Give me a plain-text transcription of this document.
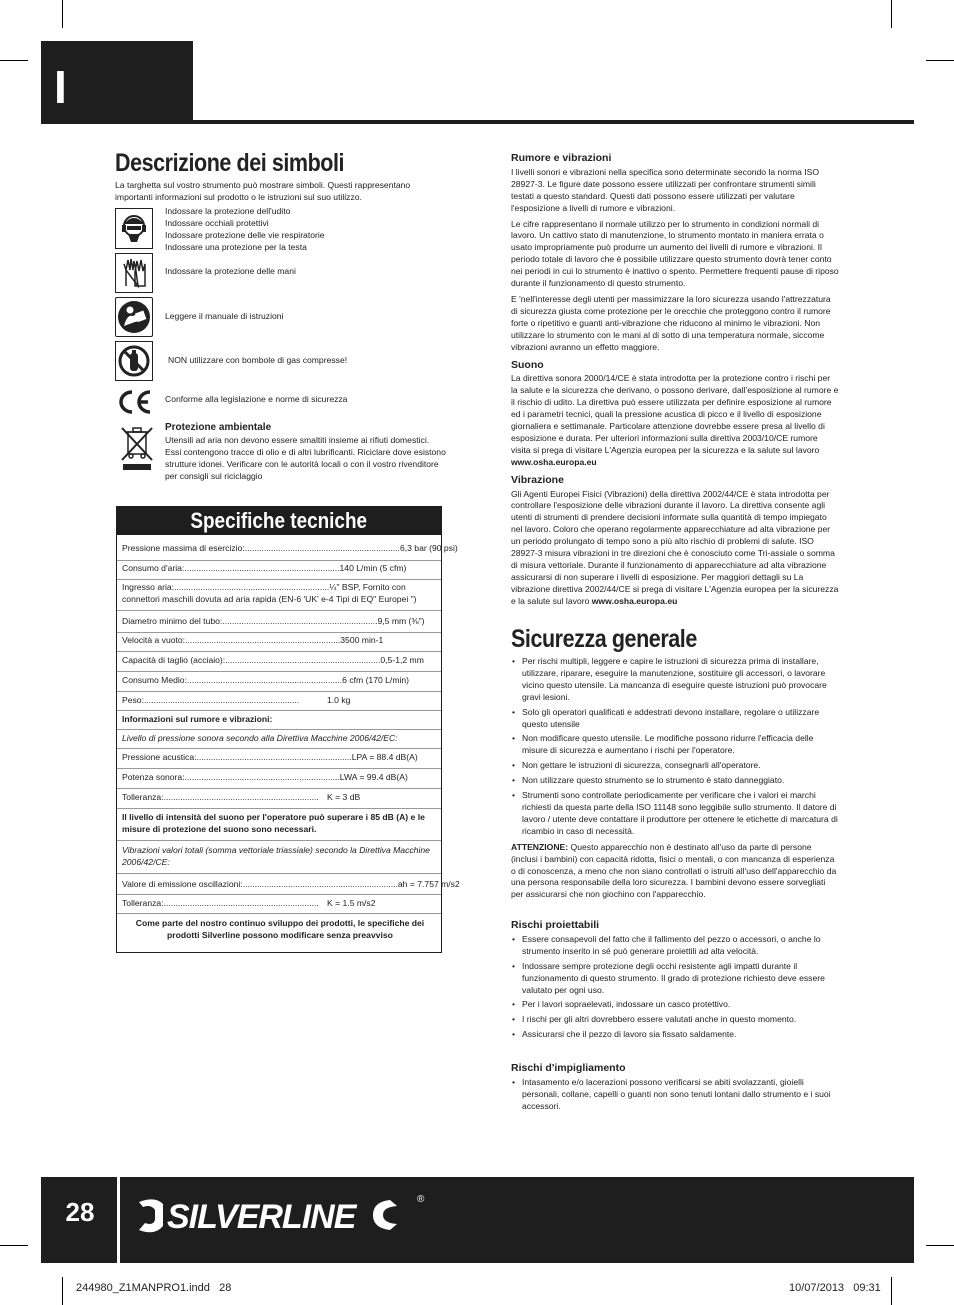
I
Descrizione dei simboli
La targhetta sul vostro strumento può mostrare simboli. Questi rappresentano importanti informazioni sul prodotto o le istruzioni sul suo utilizzo.
Indossare la protezione dell'udito
Indossare occhiali protettivi
Indossare protezione delle vie respiratorie
Indossare una protezione per la testa
Indossare la protezione delle mani
Leggere il manuale di istruzioni
NON utilizzare con bombole di gas compresse!
Conforme alla legislazione e norme di sicurezza
Protezione ambientale
Utensili ad aria non devono essere smaltiti insieme ai rifiuti domestici. Essi contengono tracce di olio e di altri lubrificanti. Riciclare dove esistono strutture idonei. Verificare con le autorità locali o con il vostro rivenditore per consigli sul riciclaggio
Specifiche tecniche
Pressione massima di esercizio:................................................................. 6,3 bar (90 psi)
Consumo d'aria:................................................................. 140 L/min (5 cfm)
Ingresso aria:................................................................. ¼" BSP, Fornito con
connettori maschili dovuta ad aria rapida (EN-6 'UK' e-4 Tipi di EQ" Europei ")
Diametro minimo del tubo:................................................................. 9,5 mm (⅜")
Velocità a vuoto:................................................................. 3500 min-1
Capacità di taglio (acciaio):................................................................. 0,5-1,2 mm
Consumo Medio:................................................................. 6 cfm (170 L/min)
Peso:.................................................................	1.0 kg
Informazioni sul rumore e vibrazioni:
Livello di pressione sonora secondo alla Direttiva Macchine 2006/42/EC:
Pressione acustica:................................................................. LPA = 88.4 dB(A)
Potenza sonora:................................................................. LWA = 99.4 dB(A)
Tolleranza:................................................................. K = 3 dB
Il livello di intensità del suono per l'operatore può superare i 85 dB (A) e le misure di protezione del suono sono necessari.
Vibrazioni valori totali (somma vettoriale triassiale) secondo la Direttiva Macchine 2006/42/CE:
Valore di emissione oscillazioni:................................................................. ah = 7.757 m/s2
Tolleranza:................................................................. K = 1.5 m/s2
Come parte del nostro continuo sviluppo dei prodotti, le specifiche dei prodotti Silverline possono modificare senza preavviso
Rumore e vibrazioni

I livelli sonori e vibrazioni nella specifica sono determinate secondo la norma ISO 28927-3. Le figure date possono essere utilizzati per confrontare strumenti simili testati a questo standard. Questi dati possono essere utilizzati per valutare l'esposizione a livelli di rumore e vibrazioni.

Le cifre rappresentano il normale utilizzo per lo strumento in condizioni normali di lavoro. Un cattivo stato di manutenzione, lo strumento montato in maniera errata o usato impropriamente può produrre un aumento dei livelli di rumore e vibrazioni. Il periodo totale di lavoro che è possibile utilizzare questo strumento dovrà tener conto nei periodi in cui lo strumento è inattivo o spento. Permettere frequenti pause di riposo durante il funzionamento di questo strumento.

E 'nell'interesse degli utenti per massimizzare la loro sicurezza usando l'attrezzatura di sicurezza giusta come protezione per le orecchie che proteggono contro il rumore forte o ripetitivo e guanti anti-vibrazione che riducono al minimo le vibrazioni. Non utilizzare lo strumento con le mani al di sotto di una temperatura normale, siccome vibrazioni avranno un effetto maggiore.

Suono

La direttiva sonora 2000/14/CE è stata introdotta per la protezione contro i rischi per la salute e la sicurezza che derivano, o possono derivare, dall'esposizione al rumore e il rischio di udito. La direttiva può essere utilizzata per definire esposizione al rumore ed i parametri tecnici, quali la pressione acustica di picco e il livello di esposizione giornaliera e settimanale. Particolare attenzione dovrebbe essere presa al livello di esposizione e durata. Per ulteriori informazioni sulla direttiva 2003/10/CE rumore visita si prega di visitare L'Agenzia europea per la sicurezza e la salute sul lavoro www.osha.europa.eu

Vibrazione

Gli Agenti Europei Fisici (Vibrazioni) della direttiva 2002/44/CE è stata introdotta per controllare l'esposizione delle vibrazioni durante il lavoro. La direttiva consente agli utenti di strumenti di prendere decisioni informate sulla quantità di tempo impiegato nel lavoro. Coloro che operano regolarmente apparecchiature ad alta vibrazione per un periodo prolungato di tempo sono a più alto rischio di problemi di salute. ISO 28927-3 misura vibrazioni in tre direzioni che è conosciuto come Tri-assiale o somma di misura vettoriale. Durante il funzionamento di apparecchiature ad alta vibrazione assicurarsi di non superare i livelli di esposizione. Per maggiori dettagli su La vibrazione direttiva 2002/44/CE si prega di visitare L'Agenzia europea per la sicurezza e la salute sul lavoro www.osha.europa.eu

Sicurezza generale
• Per rischi multipli, leggere e capire le istruzioni di sicurezza prima di installare, utilizzare, riparare, eseguire la manutenzione, sostituire gli accessori, o lavorare vicino questo utensile. La mancanza di eseguire queste istruzioni può provocare gravi lesioni.
• Solo gli operatori qualificati e addestrati devono installare, regolare o utilizzare questo utensile
• Non modificare questo utensile. Le modifiche possono ridurre l'efficacia delle misure di sicurezza e aumentano i rischi per l'operatore.
• Non gettare le istruzioni di sicurezza, consegnarli all'operatore.
• Non utilizzare questo strumento se lo strumento è stato danneggiato.
• Strumenti sono controllate periodicamente per verificare che i valori ei marchi richiesti da questa parte della ISO 11148 sono leggibile sullo strumento. Il datore di lavoro / utente deve contattare il produttore per ottenere le etichette di marcatura di ricambio in caso di necessità.

ATTENZIONE: Questo apparecchio non è destinato all'uso da parte di persone (inclusi i bambini) con capacità ridotta, fisici o mentali, o con mancanza di esperienza o di conoscenza, a meno che non siano controllati o istruiti all'uso dell'apparecchio da una persona responsabile della loro sicurezza. I bambini devono essere sorvegliati per assicurarsi che non giochino con l'apparecchio.

Rischi proiettabili
• Essere consapevoli del fatto che il fallimento del pezzo o accessori, o anche lo strumento inserito in sé può generare proiettili ad alta velocità.
• Indossare sempre protezione degli occhi resistente agli impatti durante il funzionamento di questo strumento. Il grado di protezione richiesto deve essere valutato per ogni uso.
• Per i lavori sopraelevati, indossare un casco protettivo.
• I rischi per gli altri dovrebbero essere valutati anche in questo momento.
• Assicurarsi che il pezzo di lavoro sia fissato saldamente.
Rischi d'impigliamento
• Intasamento e/o lacerazioni possono verificarsi se abiti svolazzanti, gioielli personali, collane, capelli o guanti non sono tenuti lontani dallo strumento e i suoi accessori.
28	SILVERLINE	®
244980_Z1MANPRO1.indd   28	10/07/2013   09:31
